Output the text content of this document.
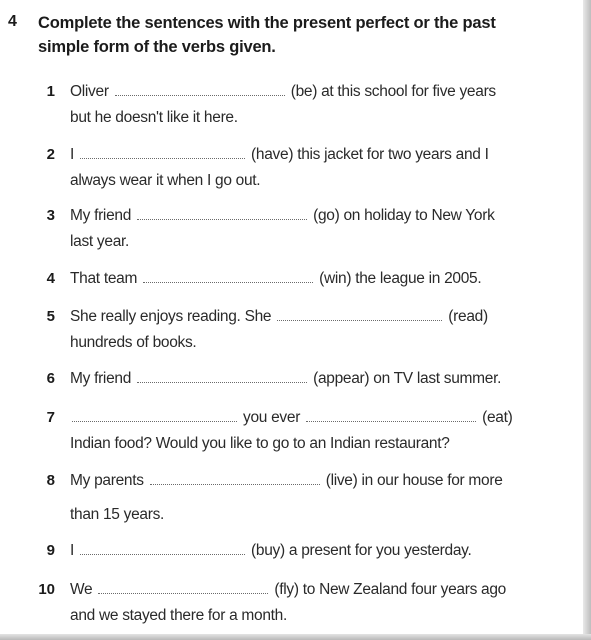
4 Complete the sentences with the present perfect or the past
simple form of the verbs given.
1 Oliver	(be) at this school for five years
but he doesn't like it here.
2 I	(have) this jacket for two years and I
always wear it when I go out.
3 My friend	(go) on holiday to New York
last year.
4 That team	(win) the league in 2005.
5 She really enjoys reading. She	(read)
hundreds of books.
6 My friend	(appear) on TV last summer.
7	you ever	(eat)
Indian food? Would you like to go to an Indian restaurant?
8 My parents	(live) in our house for more
than 15 years.
9 I	(buy) a present for you yesterday.
10 We	(fly) to New Zealand four years ago
and we stayed there for a month.
